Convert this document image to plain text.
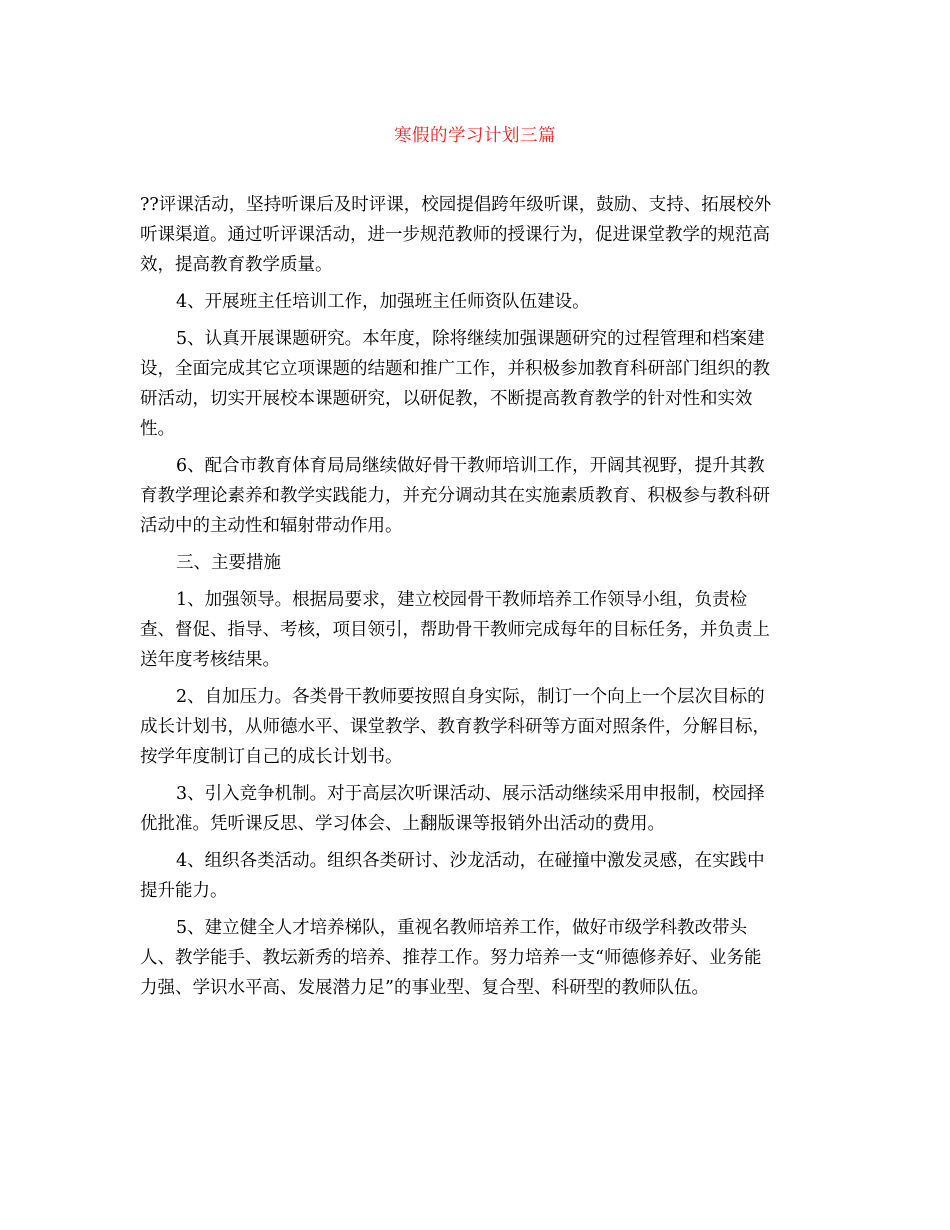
寒假的学习计划三篇
??评课活动，坚持听课后及时评课，校园提倡跨年级听课，鼓励、支持、拓展校外
听课渠道。通过听评课活动，进一步规范教师的授课行为，促进课堂教学的规范高
效，提高教育教学质量。
4、开展班主任培训工作，加强班主任师资队伍建设。
5、认真开展课题研究。本年度，除将继续加强课题研究的过程管理和档案建
设，全面完成其它立项课题的结题和推广工作，并积极参加教育科研部门组织的教
研活动，切实开展校本课题研究，以研促教，不断提高教育教学的针对性和实效
性。
6、配合市教育体育局局继续做好骨干教师培训工作，开阔其视野，提升其教
育教学理论素养和教学实践能力，并充分调动其在实施素质教育、积极参与教科研
活动中的主动性和辐射带动作用。
三、主要措施
1、加强领导。根据局要求，建立校园骨干教师培养工作领导小组，负责检
查、督促、指导、考核，项目领引，帮助骨干教师完成每年的目标任务，并负责上
送年度考核结果。
2、自加压力。各类骨干教师要按照自身实际，制订一个向上一个层次目标的
成长计划书，从师德水平、课堂教学、教育教学科研等方面对照条件，分解目标，
按学年度制订自己的成长计划书。
3、引入竞争机制。对于高层次听课活动、展示活动继续采用申报制，校园择
优批准。凭听课反思、学习体会、上翻版课等报销外出活动的费用。
4、组织各类活动。组织各类研讨、沙龙活动，在碰撞中激发灵感，在实践中
提升能力。
5、建立健全人才培养梯队，重视名教师培养工作，做好市级学科教改带头
人、教学能手、教坛新秀的培养、推荐工作。努力培养一支“师德修养好、业务能
力强、学识水平高、发展潜力足”的事业型、复合型、科研型的教师队伍。
